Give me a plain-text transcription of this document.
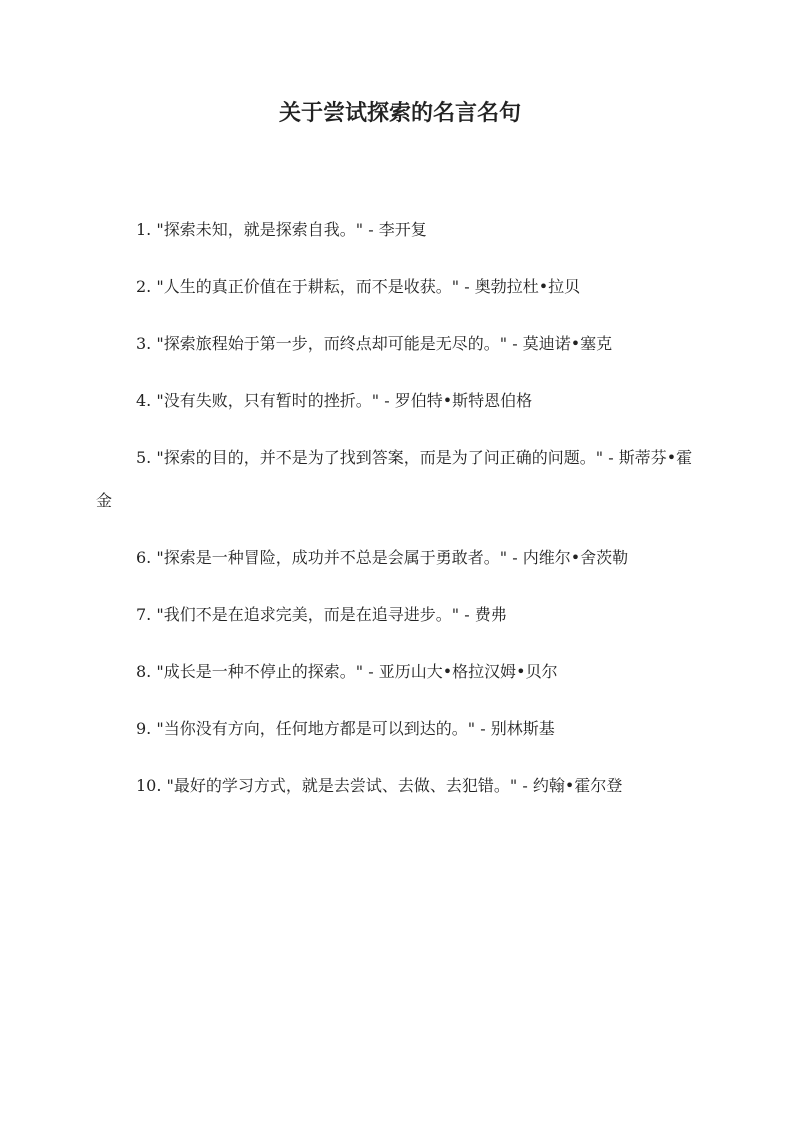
关于尝试探索的名言名句
1. "探索未知，就是探索自我。" - 李开复
2. "人生的真正价值在于耕耘，而不是收获。" - 奥勃拉杜•拉贝
3. "探索旅程始于第一步，而终点却可能是无尽的。" - 莫迪诺•塞克
4. "没有失败，只有暂时的挫折。" - 罗伯特•斯特恩伯格
5. "探索的目的，并不是为了找到答案，而是为了问正确的问题。" - 斯蒂芬•霍金
6. "探索是一种冒险，成功并不总是会属于勇敢者。" - 内维尔•舍茨勒
7. "我们不是在追求完美，而是在追寻进步。" - 费弗
8. "成长是一种不停止的探索。" - 亚历山大•格拉汉姆•贝尔
9. "当你没有方向，任何地方都是可以到达的。" - 别林斯基
10. "最好的学习方式，就是去尝试、去做、去犯错。" - 约翰•霍尔登
